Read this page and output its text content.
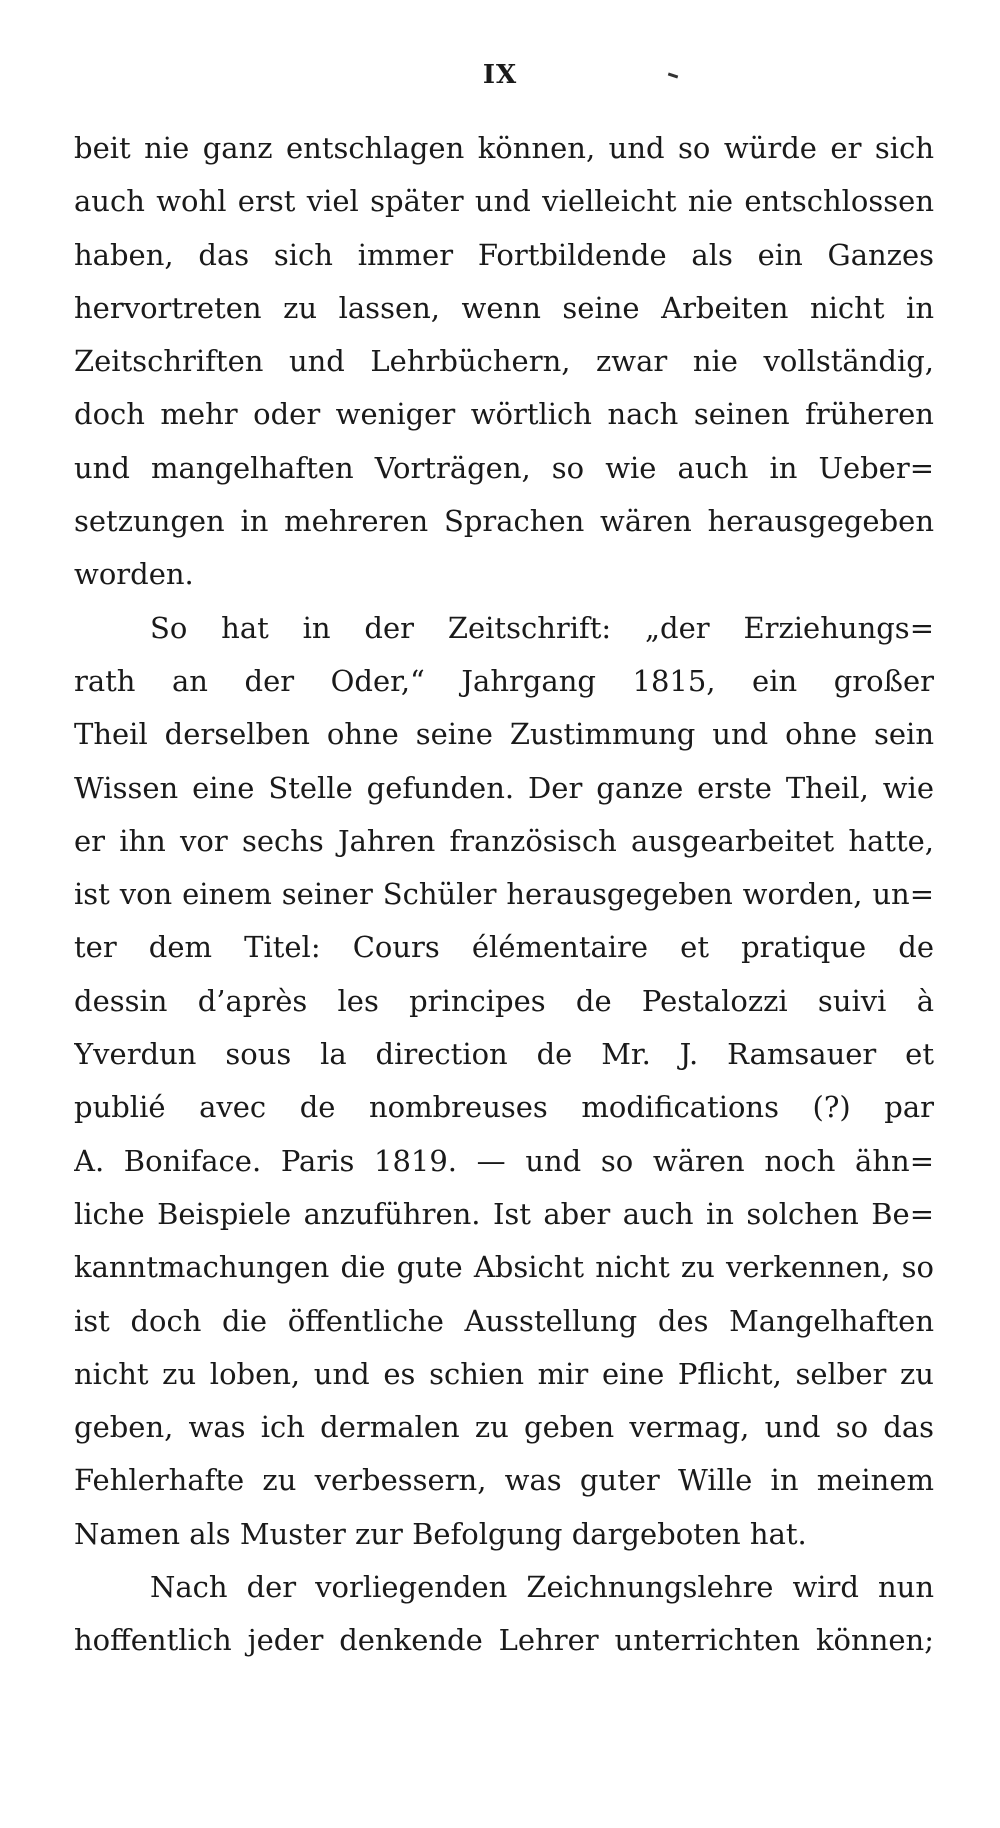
IX
beit nie ganz entschlagen können, und so würde er sich
auch wohl erst viel später und vielleicht nie entschlossen
haben, das sich immer Fortbildende als ein Ganzes
hervortreten zu lassen, wenn seine Arbeiten nicht in
Zeitschriften und Lehrbüchern, zwar nie vollständig,
doch mehr oder weniger wörtlich nach seinen früheren
und mangelhaften Vorträgen, so wie auch in Ueber=
setzungen in mehreren Sprachen wären herausgegeben
worden.
So hat in der Zeitschrift: „der Erziehungs=
rath an der Oder,“ Jahrgang 1815, ein großer
Theil derselben ohne seine Zustimmung und ohne sein
Wissen eine Stelle gefunden. Der ganze erste Theil, wie
er ihn vor sechs Jahren französisch ausgearbeitet hatte,
ist von einem seiner Schüler herausgegeben worden, un=
ter dem Titel: Cours élémentaire et pratique de
dessin d’après les principes de Pestalozzi suivi à
Yverdun sous la direction de Mr. J. Ramsauer et
publié avec de nombreuses modifications (?) par
A. Boniface. Paris 1819. — und so wären noch ähn=
liche Beispiele anzuführen. Ist aber auch in solchen Be=
kanntmachungen die gute Absicht nicht zu verkennen, so
ist doch die öffentliche Ausstellung des Mangelhaften
nicht zu loben, und es schien mir eine Pflicht, selber zu
geben, was ich dermalen zu geben vermag, und so das
Fehlerhafte zu verbessern, was guter Wille in meinem
Namen als Muster zur Befolgung dargeboten hat.
Nach der vorliegenden Zeichnungslehre wird nun
hoffentlich jeder denkende Lehrer unterrichten können;
